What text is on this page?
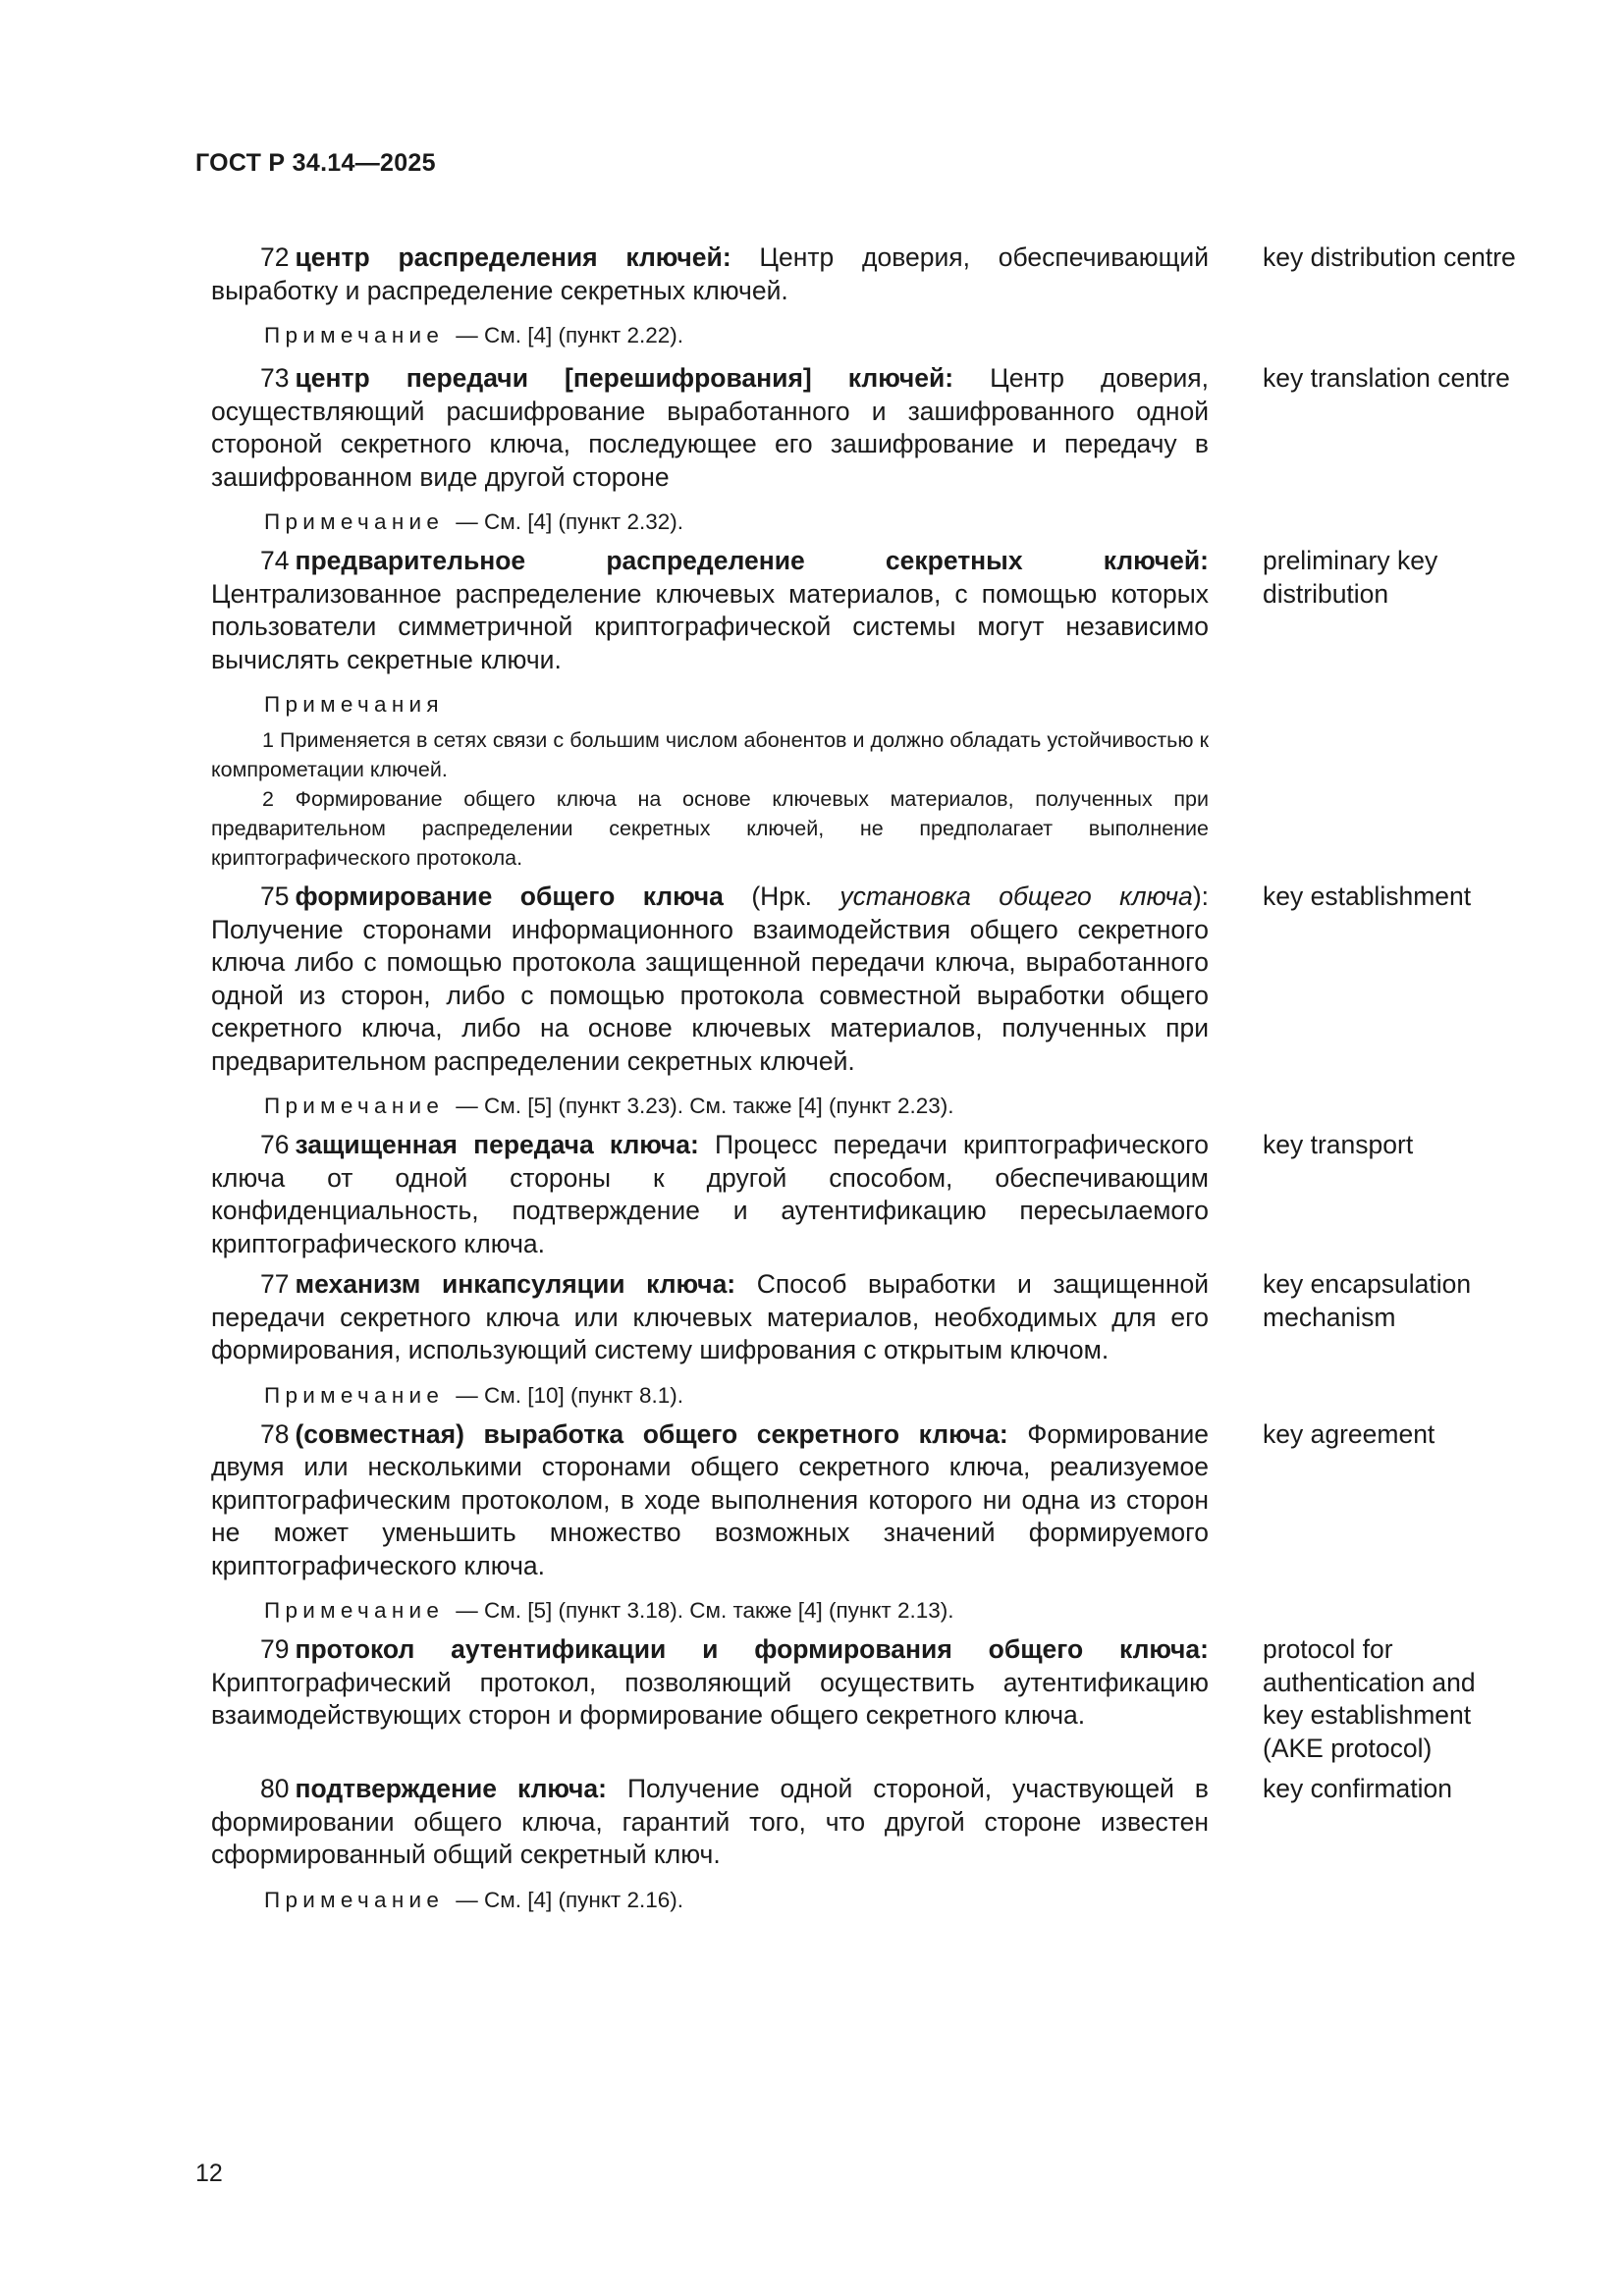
ГОСТ Р 34.14—2025

72 центр распределения ключей: Центр доверия, обеспечивающий выработку и распределение секретных ключей.

Примечание — См. [4] (пункт 2.22).
key distribution centre

73 центр передачи [перешифрования] ключей: Центр доверия, осуществляющий расшифрование выработанного и зашифрованного одной стороной секретного ключа, последующее его зашифрование и передачу в зашифрованном виде другой стороне

Примечание — См. [4] (пункт 2.32).
key translation centre

74 предварительное распределение секретных ключей: Централизованное распределение ключевых материалов, с помощью которых пользователи симметричной криптографической системы могут независимо вычислять секретные ключи.

Примечания

1 Применяется в сетях связи с большим числом абонентов и должно обладать устойчивостью к компрометации ключей.

2 Формирование общего ключа на основе ключевых материалов, полученных при предварительном распределении секретных ключей, не предполагает выполнение криптографического протокола.

preliminary key distribution

75 формирование общего ключа (Нрк. установка общего ключа): Получение сторонами информационного взаимодействия общего секретного ключа либо с помощью протокола защищенной передачи ключа, выработанного одной из сторон, либо с помощью протокола совместной выработки общего секретного ключа, либо на основе ключевых материалов, полученных при предварительном распределении секретных ключей.

Примечание — См. [5] (пункт 3.23). См. также [4] (пункт 2.23).
key establishment

76 защищенная передача ключа: Процесс передачи криптографического ключа от одной стороны к другой способом, обеспечивающим конфиденциальность, подтверждение и аутентификацию пересылаемого криптографического ключа.

key transport

77 механизм инкапсуляции ключа: Способ выработки и защищенной передачи секретного ключа или ключевых материалов, необходимых для его формирования, использующий систему шифрования с открытым ключом.

Примечание — См. [10] (пункт 8.1).
key encapsulation mechanism

78 (совместная) выработка общего секретного ключа: Формирование двумя или несколькими сторонами общего секретного ключа, реализуемое криптографическим протоколом, в ходе выполнения которого ни одна из сторон не может уменьшить множество возможных значений формируемого криптографического ключа.

Примечание — См. [5] (пункт 3.18). См. также [4] (пункт 2.13).
key agreement

79 протокол аутентификации и формирования общего ключа: Криптографический протокол, позволяющий осуществить аутентификацию взаимодействующих сторон и формирование общего секретного ключа.

protocol for authentication and key establishment (AKE protocol)

80 подтверждение ключа: Получение одной стороной, участвующей в формировании общего ключа, гарантий того, что другой стороне известен сформированный общий секретный ключ.

Примечание — См. [4] (пункт 2.16).
key confirmation
12
